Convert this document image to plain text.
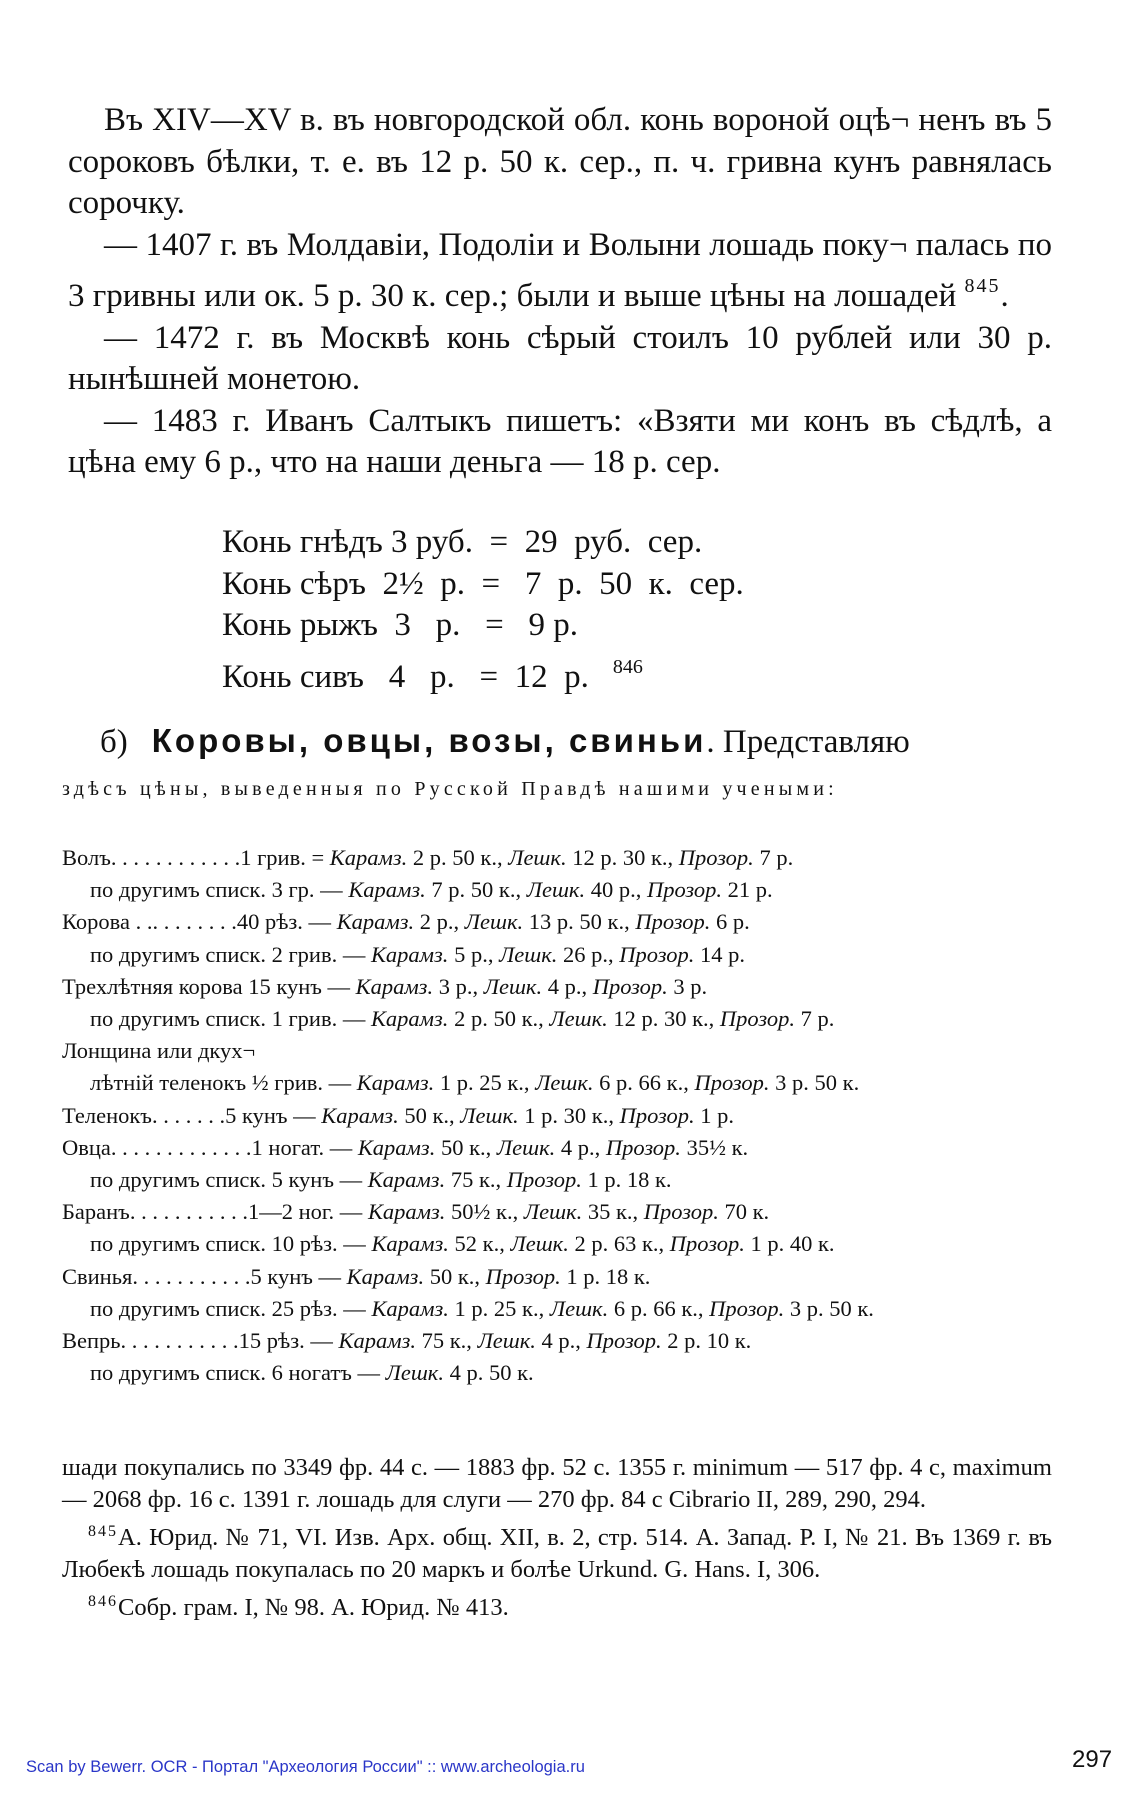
Въ XIV—XV в. въ новгородской обл. конь вороной оцѣ¬ ненъ въ 5 сороковъ бѣлки, т. е. въ 12 р. 50 к. сер., п. ч. гривна кунъ равнялась сорочку.

— 1407 г. въ Молдавіи, Подоліи и Волыни лошадь поку¬ палась по 3 гривны или ок. 5 р. 30 к. сер.; были и выше цѣны на лошадей $^{845}$.

— 1472 г. въ Москвѣ конь сѣрый стоилъ 10 рублей или 30 р. нынѣшней монетою.

— 1483 г. Иванъ Салтыкъ пишетъ: «Взяти ми конъ въ сѣдлѣ, а цѣна ему 6 р., что на наши деньга — 18 р. сер.

Конь гнѣдъ 3 руб.  =  29  руб.  сер.
Конь сѣръ  2½  р.  =   7  р.  50  к.  сер.
Конь рыжъ  3   р.   =   9 р.
Конь сивъ   4   р.   =  12  р. $^{846}$
б) Коровы, овцы, возы, свиньи. Представляю
здѣсъ цѣны, выведенныя по Русской Правдѣ нашими учеными:
Волъ. . . . . . . . . . . .1 грив. = Карамз. 2 р. 50 к., Лешк. 12 р. 30 к., Прозор. 7 р.
по другимъ списк. 3 гр. — Карамз. 7 р. 50 к., Лешк. 40 р., Прозор. 21 р.
Корова . .. . . . . . . .40 рѣз. — Карамз. 2 р., Лешк. 13 р. 50 к., Прозор. 6 р.
по другимъ списк. 2 грив. — Карамз. 5 р., Лешк. 26 р., Прозор. 14 р.
Трехлѣтняя корова 15 кунъ — Карамз. 3 р., Лешк. 4 р., Прозор. 3 р.
по другимъ списк. 1 грив. — Карамз. 2 р. 50 к., Лешк. 12 р. 30 к., Прозор. 7 р.
Лонщина или дкух¬
лѣтній теленокъ ½ грив. — Карамз. 1 р. 25 к., Лешк. 6 р. 66 к., Прозор. 3 р. 50 к.
Теленокъ. . . . . . .5 кунъ — Карамз. 50 к., Лешк. 1 р. 30 к., Прозор. 1 р.
Овца. . . . . . . . . . . . .1 ногат. — Карамз. 50 к., Лешк. 4 р., Прозор. 35½ к.
по другимъ списк. 5 кунъ — Карамз. 75 к., Прозор. 1 р. 18 к.
Баранъ. . . . . . . . . . .1—2 ног. — Карамз. 50½ к., Лешк. 35 к., Прозор. 70 к.
по другимъ списк. 10 рѣз. — Карамз. 52 к., Лешк. 2 р. 63 к., Прозор. 1 р. 40 к.
Свинья. . . . . . . . . . .5 кунъ — Карамз. 50 к., Прозор. 1 р. 18 к.
по другимъ списк. 25 рѣз. — Карамз. 1 р. 25 к., Лешк. 6 р. 66 к., Прозор. 3 р. 50 к.
Вепрь. . . . . . . . . . .15 рѣз. — Карамз. 75 к., Лешк. 4 р., Прозор. 2 р. 10 к.
по другимъ списк. 6 ногатъ — Лешк. 4 р. 50 к.

шади покупались по 3349 фр. 44 с. — 1883 фр. 52 с. 1355 г. minimum — 517 фр. 4 с, maximum — 2068 фр. 16 с. 1391 г. лошадь для слуги — 270 фр. 84 с Cibrario II, 289, 290, 294.

$^{845}$А. Юрид. № 71, VI. Изв. Арх. общ. XII, в. 2, стр. 514. А. Запад. Р. I, № 21. Въ 1369 г. въ Любекѣ лошадь покупалась по 20 маркъ и болѣе Urkund. G. Hans. I, 306.

$^{846}$Собр. грам. I, № 98. А. Юрид. № 413.

Scan by Bewerr. OCR - Портал "Археология России" :: www.archeologia.ru	297
